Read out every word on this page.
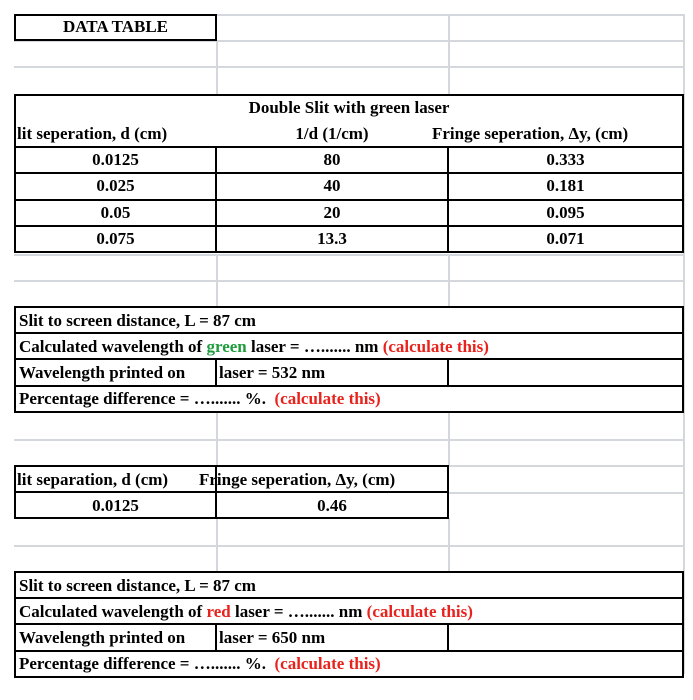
DATA TABLE
Double Slit with green laser
lit seperation, d (cm)	1/d (1/cm)	Fringe seperation, Δy, (cm)
0.0125	80	0.333
0.025	40	0.181
0.05	20	0.095
0.075	13.3	0.071
Slit to screen distance, L = 87 cm
Calculated wavelength of green laser = …....... nm (calculate this)
Wavelength printed on laser = 532 nm
Percentage difference = …....... %. (calculate this)
lit separation, d (cm) Fringe seperation, Δy, (cm)
0.0125	0.46
Slit to screen distance, L = 87 cm
Calculated wavelength of red laser = …....... nm (calculate this)
Wavelength printed on laser = 650 nm
Percentage difference = …....... %. (calculate this)
